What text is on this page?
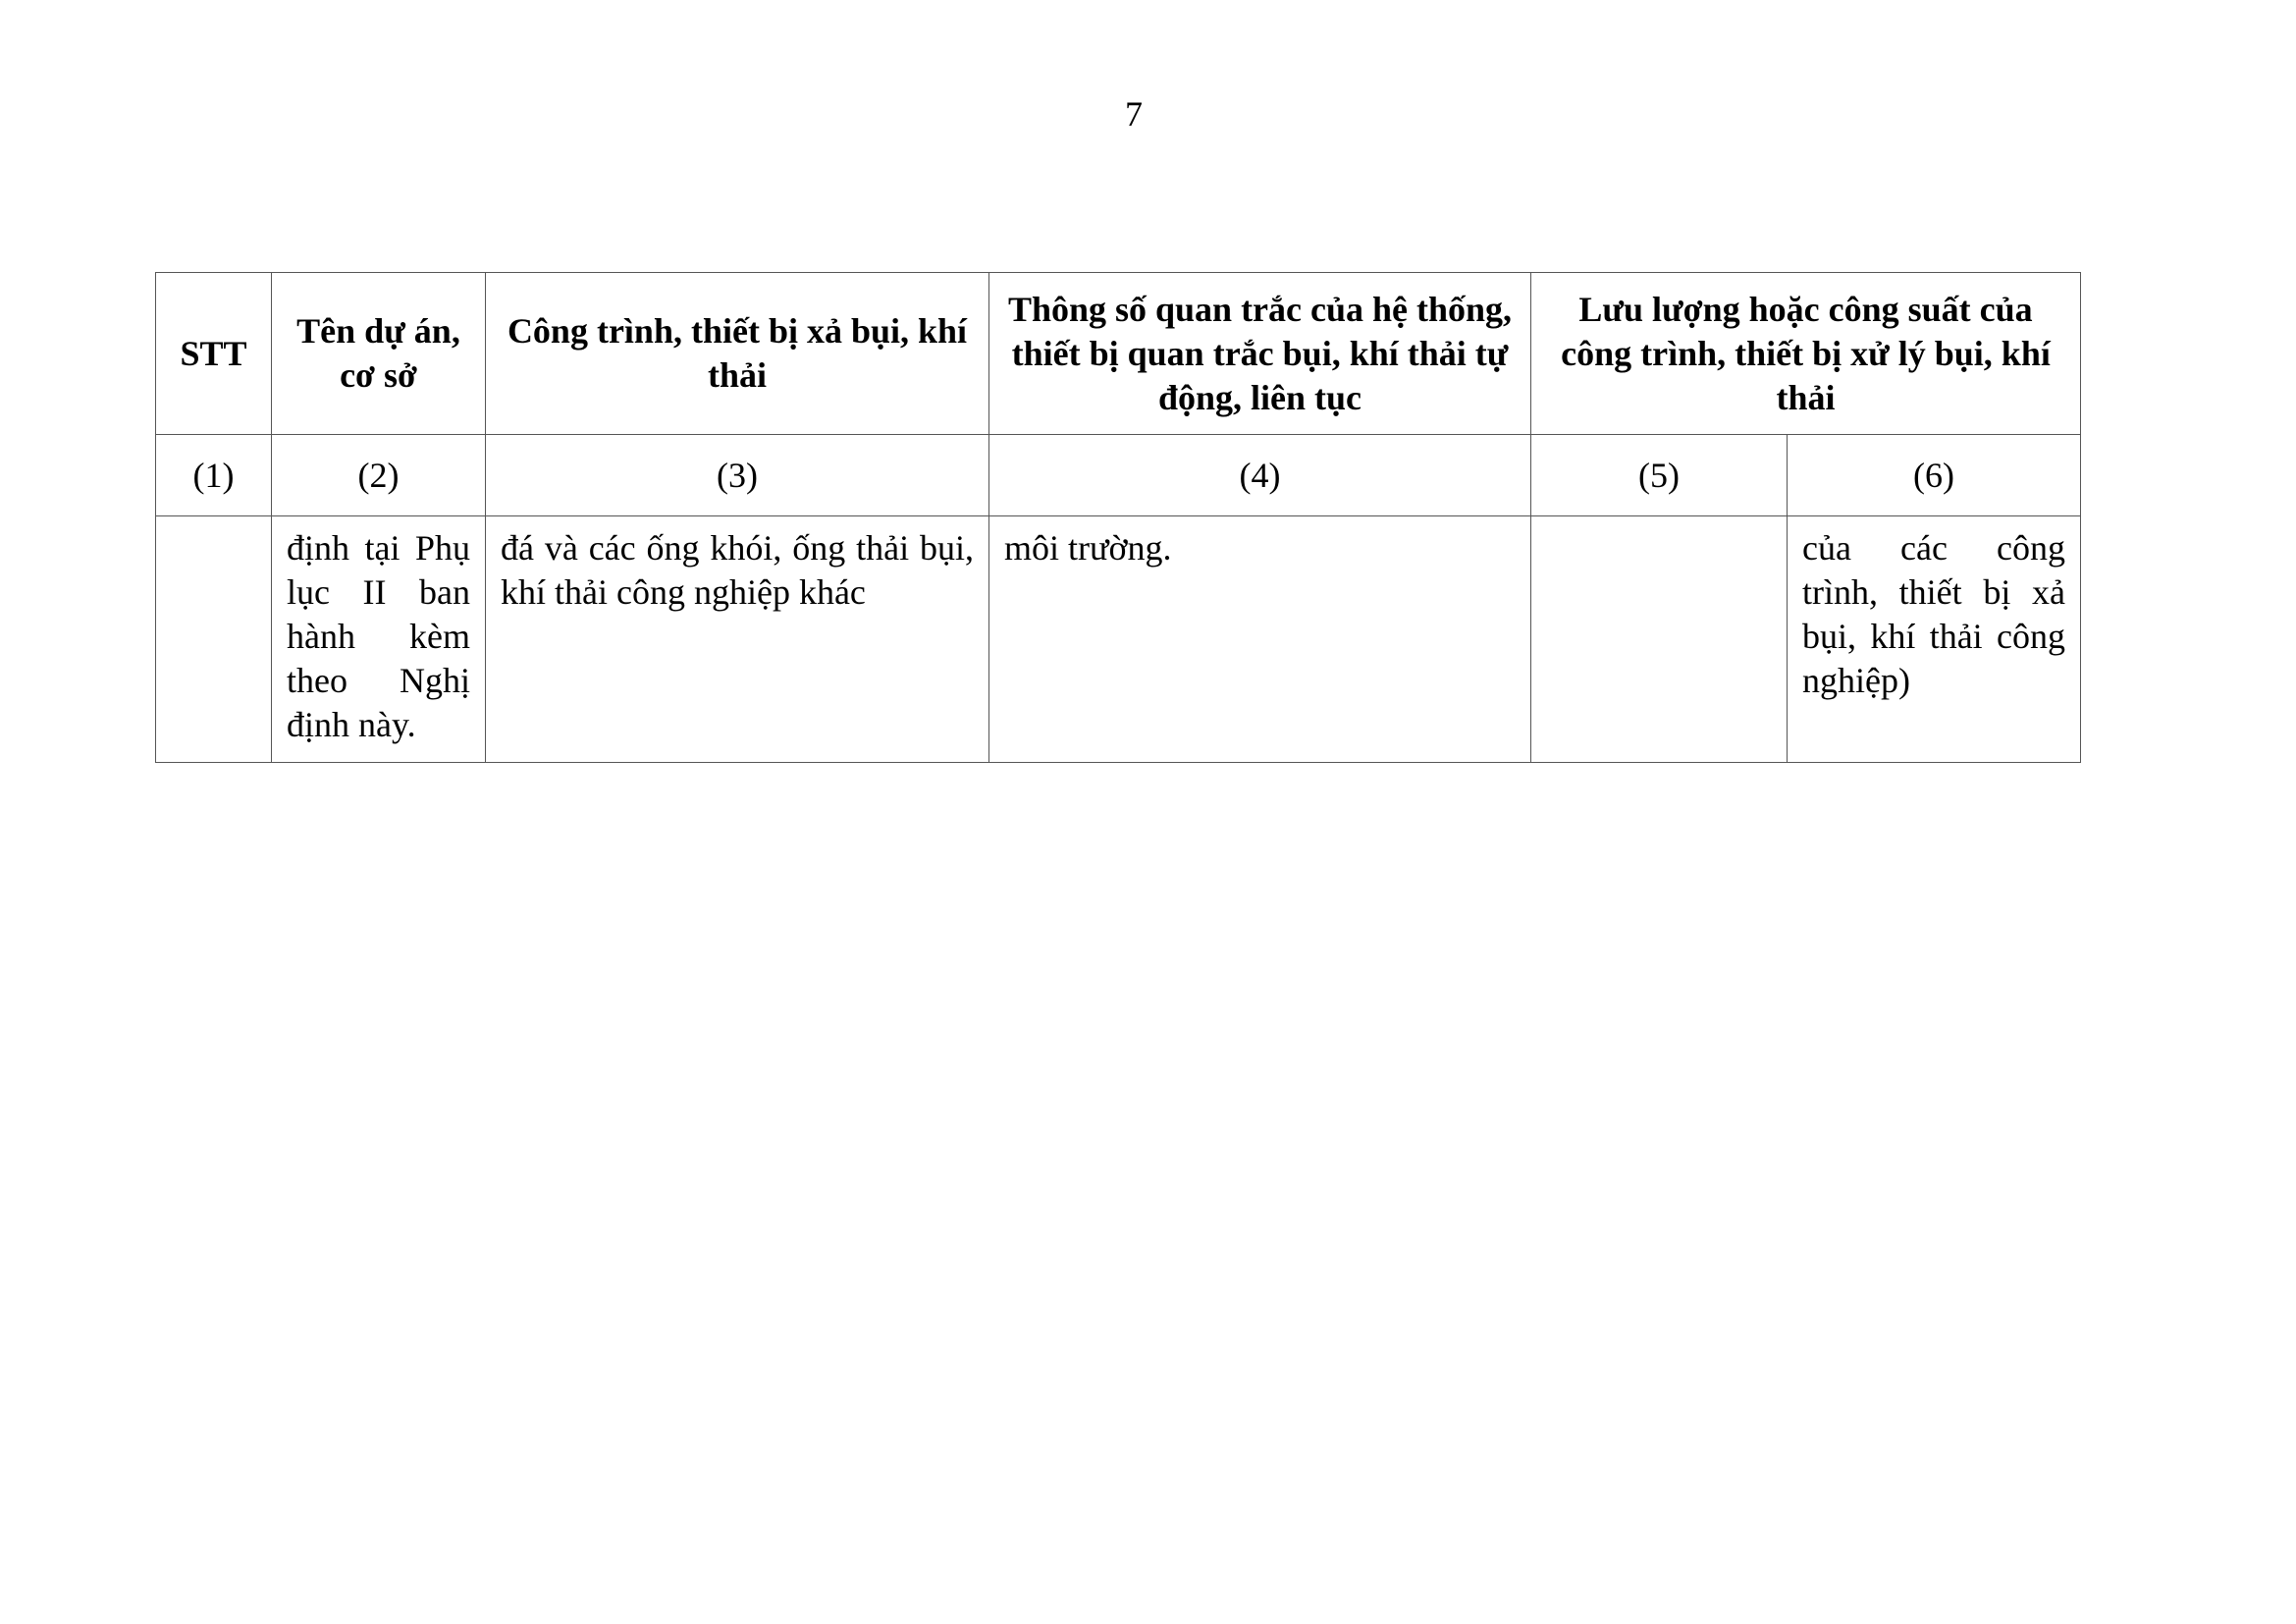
7
STT	Tên dự án, cơ sở	Công trình, thiết bị xả bụi, khí thải	Thông số quan trắc của hệ thống, thiết bị quan trắc bụi, khí thải tự động, liên tục	Lưu lượng hoặc công suất của công trình, thiết bị xử lý bụi, khí thải	
(1)	(2)	(3)	(4)	(5)	(6)
	định tại Phụ lục II ban hành kèm theo Nghị định này.	đá và các ống khói, ống thải bụi, khí thải công nghiệp khác	môi trường.		của các công trình, thiết bị xả bụi, khí thải công nghiệp)
